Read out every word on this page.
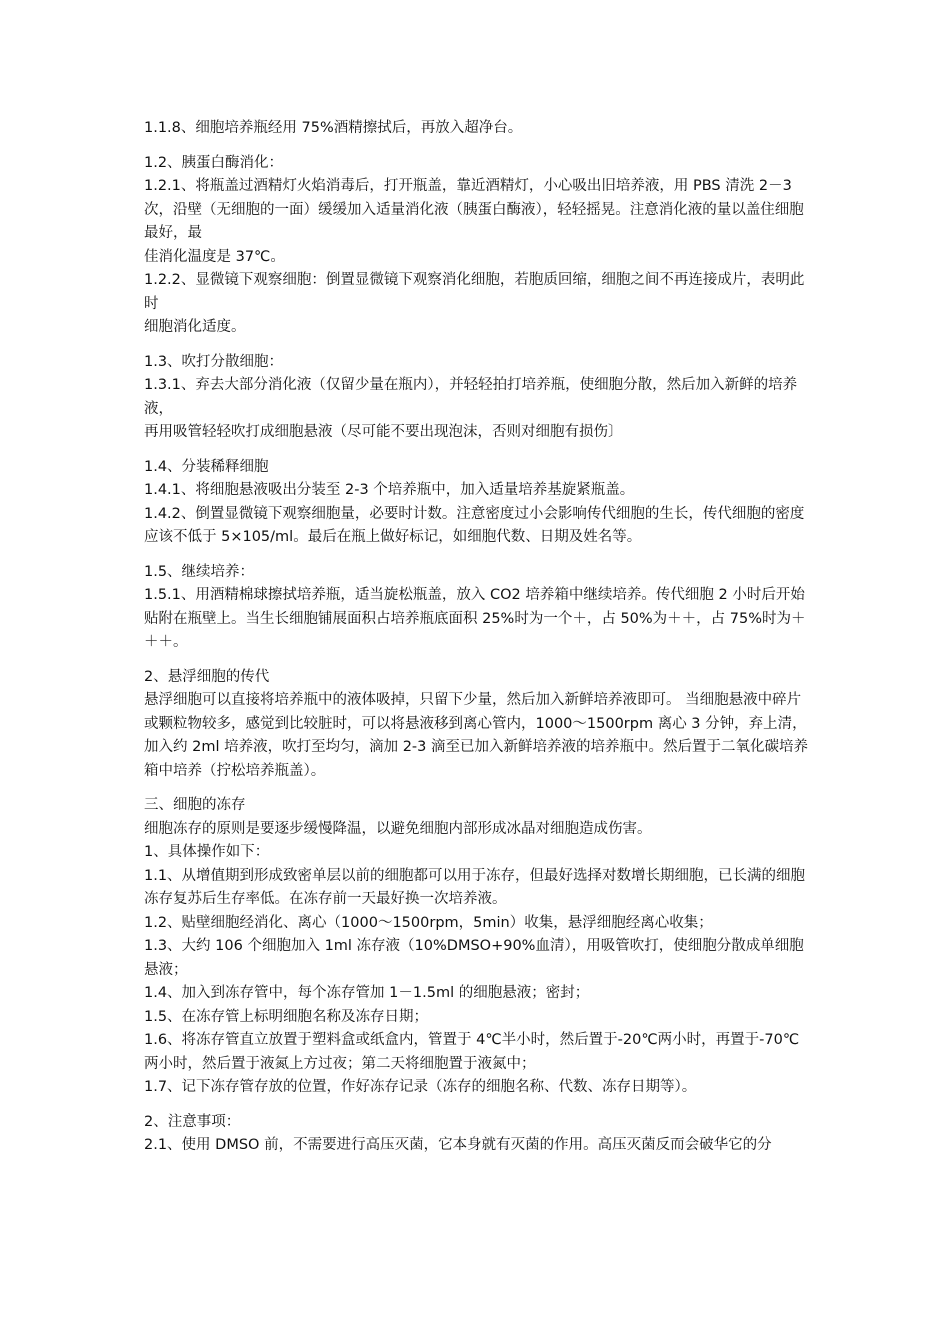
1.1.8、细胞培养瓶经用 75%酒精擦拭后，再放入超净台。

1.2、胰蛋白酶消化：

1.2.1、将瓶盖过酒精灯火焰消毒后，打开瓶盖，靠近酒精灯，小心吸出旧培养液，用 PBS 清洗 2－3 次，沿壁（无细胞的一面）缓缓加入适量消化液（胰蛋白酶液），轻轻摇晃。注意消化液的量以盖住细胞最好，最

佳消化温度是 37℃。

1.2.2、显微镜下观察细胞：倒置显微镜下观察消化细胞，若胞质回缩，细胞之间不再连接成片，表明此时

细胞消化适度。

1.3、吹打分散细胞：

1.3.1、弃去大部分消化液（仅留少量在瓶内），并轻轻拍打培养瓶，使细胞分散，然后加入新鲜的培养液，

再用吸管轻轻吹打成细胞悬液（尽可能不要出现泡沫，否则对细胞有损伤〕

1.4、分装稀释细胞

1.4.1、将细胞悬液吸出分装至 2-3 个培养瓶中，加入适量培养基旋紧瓶盖。

1.4.2、倒置显微镜下观察细胞量，必要时计数。注意密度过小会影响传代细胞的生长，传代细胞的密度应该不低于 5×105/ml。最后在瓶上做好标记，如细胞代数、日期及姓名等。

1.5、继续培养：

1.5.1、用酒精棉球擦拭培养瓶，适当旋松瓶盖，放入 CO2 培养箱中继续培养。传代细胞 2 小时后开始贴附在瓶壁上。当生长细胞铺展面积占培养瓶底面积 25%时为一个＋，占 50%为＋＋，占 75%时为＋＋＋。

2、悬浮细胞的传代

悬浮细胞可以直接将培养瓶中的液体吸掉，只留下少量，然后加入新鲜培养液即可。 当细胞悬液中碎片或颗粒物较多，感觉到比较脏时，可以将悬液移到离心管内，1000～1500rpm 离心 3 分钟，弃上清，加入约 2ml 培养液，吹打至均匀，滴加 2-3 滴至已加入新鲜培养液的培养瓶中。然后置于二氧化碳培养箱中培养（拧松培养瓶盖）。

三、细胞的冻存

细胞冻存的原则是要逐步缓慢降温，以避免细胞内部形成冰晶对细胞造成伤害。

1、具体操作如下：

1.1、从增值期到形成致密单层以前的细胞都可以用于冻存，但最好选择对数增长期细胞，已长满的细胞冻存复苏后生存率低。在冻存前一天最好换一次培养液。

1.2、贴壁细胞经消化、离心（1000～1500rpm，5min）收集，悬浮细胞经离心收集；

1.3、大约 106 个细胞加入 1ml 冻存液（10%DMSO+90%血清），用吸管吹打，使细胞分散成单细胞悬液；

1.4、加入到冻存管中，每个冻存管加 1－1.5ml 的细胞悬液；密封；

1.5、在冻存管上标明细胞名称及冻存日期；

1.6、将冻存管直立放置于塑料盒或纸盒内，管置于 4℃半小时，然后置于-20℃两小时，再置于-70℃两小时，然后置于液氮上方过夜；第二天将细胞置于液氮中；

1.7、记下冻存管存放的位置，作好冻存记录（冻存的细胞名称、代数、冻存日期等）。

2、注意事项：

2.1、使用 DMSO 前，不需要进行高压灭菌，它本身就有灭菌的作用。高压灭菌反而会破华它的分
